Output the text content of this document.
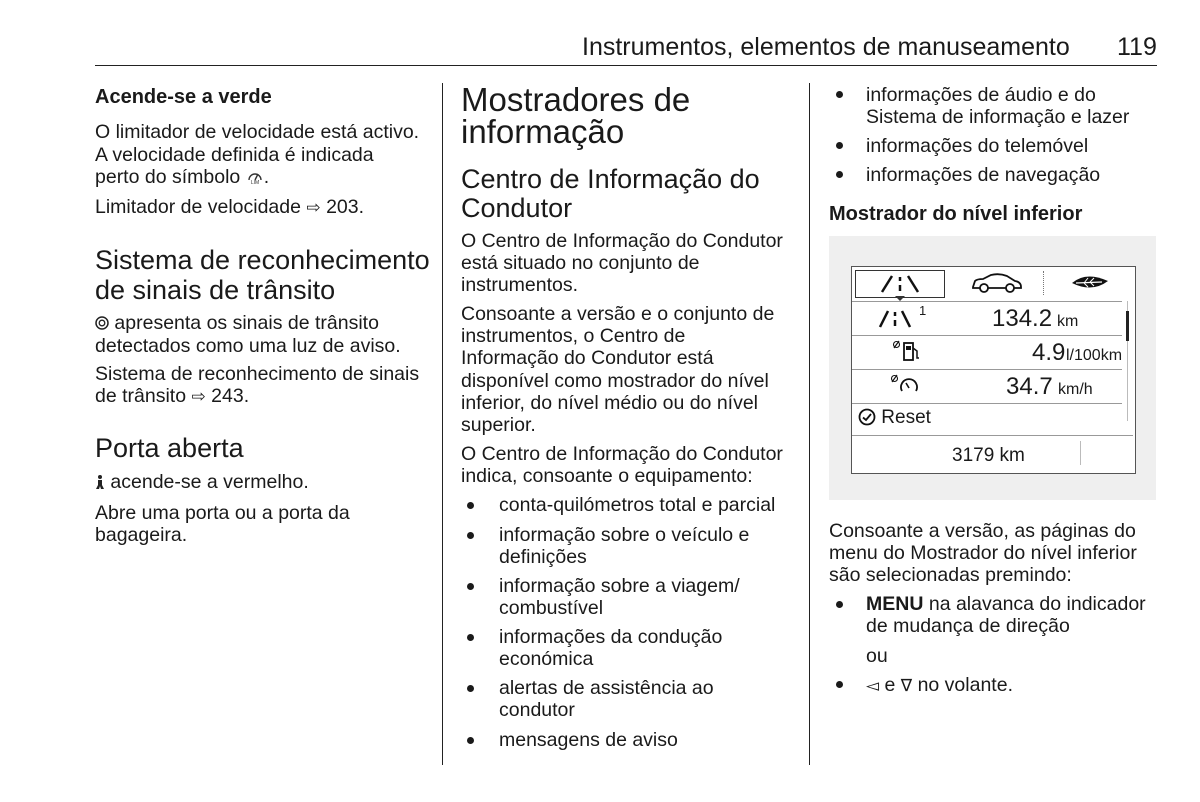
Instrumentos, elementos de manuseamento 119
Acende-se a verde
O limitador de velocidade está activo.
A velocidade definida é indicada
perto do símbolo LIM .
Limitador de velocidade ⇨ 203.
Sistema de reconhecimento
de sinais de trânsito
apresenta os sinais de trânsito
detectados como uma luz de aviso.
Sistema de reconhecimento de sinais
de trânsito ⇨ 243.
Porta aberta
acende-se a vermelho.
Abre uma porta ou a porta da
bagageira.
Mostradores de
informação
Centro de Informação do
Condutor
O Centro de Informação do Condutor
está situado no conjunto de
instrumentos.
Consoante a versão e o conjunto de
instrumentos, o Centro de
Informação do Condutor está
disponível como mostrador do nível
inferior, do nível médio ou do nível
superior.
O Centro de Informação do Condutor
indica, consoante o equipamento:
conta-quilómetros total e parcial
informação sobre o veículo e
definições
informação sobre a viagem/
combustível
informações da condução
económica
alertas de assistência ao
condutor
mensagens de aviso
informações de áudio e do
Sistema de informação e lazer
informações do telemóvel
informações de navegação
Mostrador do nível inferior
1	134.2 km
4.9 l/100km
34.7 km/h
Reset
3179 km
Consoante a versão, as páginas do
menu do Mostrador do nível inferior
são selecionadas premindo:
MENU na alavanca do indicador
de mudança de direção
ou
◅ e ∇ no volante.
